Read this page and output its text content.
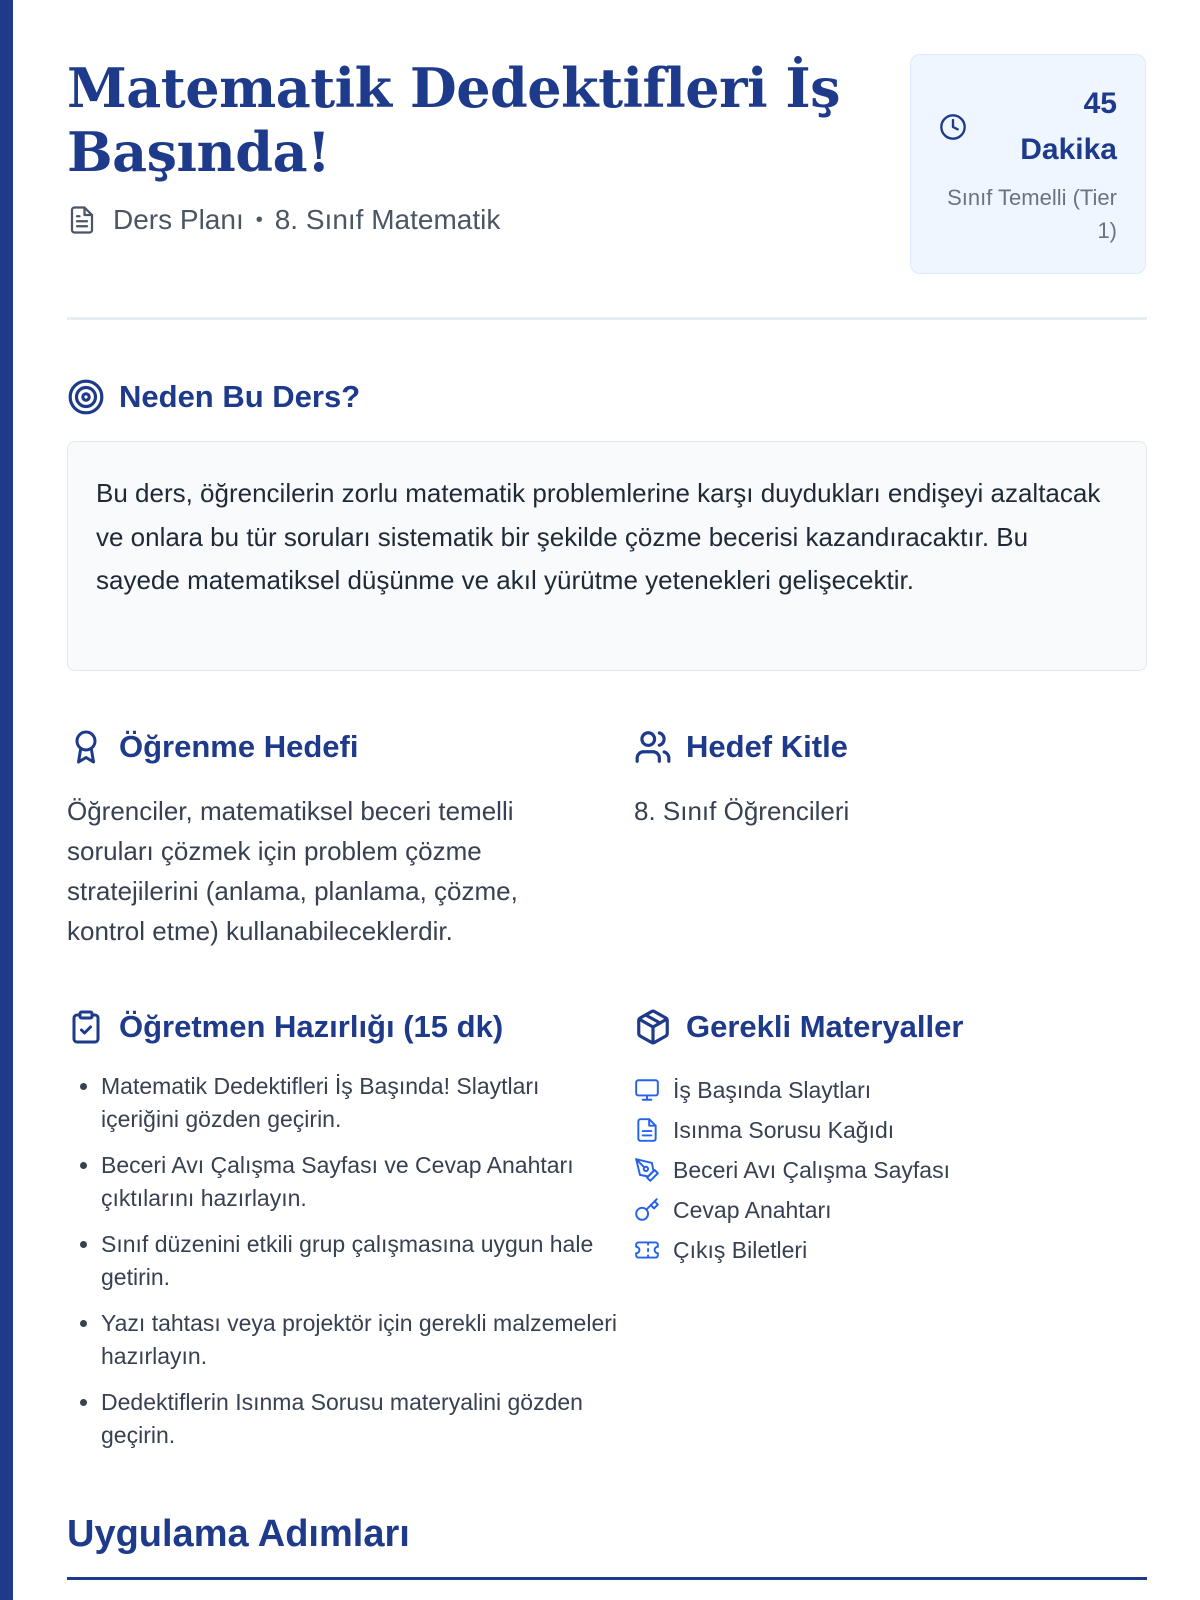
Matematik Dedektifleri İş Başında!
Ders Planı • 8. Sınıf Matematik
45
Dakika
Sınıf Temelli (Tier 1)
Neden Bu Ders?
Bu ders, öğrencilerin zorlu matematik problemlerine karşı duydukları endişeyi azaltacak ve onlara bu tür soruları sistematik bir şekilde çözme becerisi kazandıracaktır. Bu sayede matematiksel düşünme ve akıl yürütme yetenekleri gelişecektir.
Öğrenme Hedefi
Öğrenciler, matematiksel beceri temelli soruları çözmek için problem çözme stratejilerini (anlama, planlama, çözme, kontrol etme) kullanabileceklerdir.
Hedef Kitle
8. Sınıf Öğrencileri
Öğretmen Hazırlığı (15 dk)
• Matematik Dedektifleri İş Başında! Slaytları içeriğini gözden geçirin.
• Beceri Avı Çalışma Sayfası ve Cevap Anahtarı çıktılarını hazırlayın.
• Sınıf düzenini etkili grup çalışmasına uygun hale getirin.
• Yazı tahtası veya projektör için gerekli malzemeleri hazırlayın.
• Dedektiflerin Isınma Sorusu materyalini gözden geçirin.
Gerekli Materyaller
İş Başında Slaytları
Isınma Sorusu Kağıdı
Beceri Avı Çalışma Sayfası
Cevap Anahtarı
Çıkış Biletleri
Uygulama Adımları
